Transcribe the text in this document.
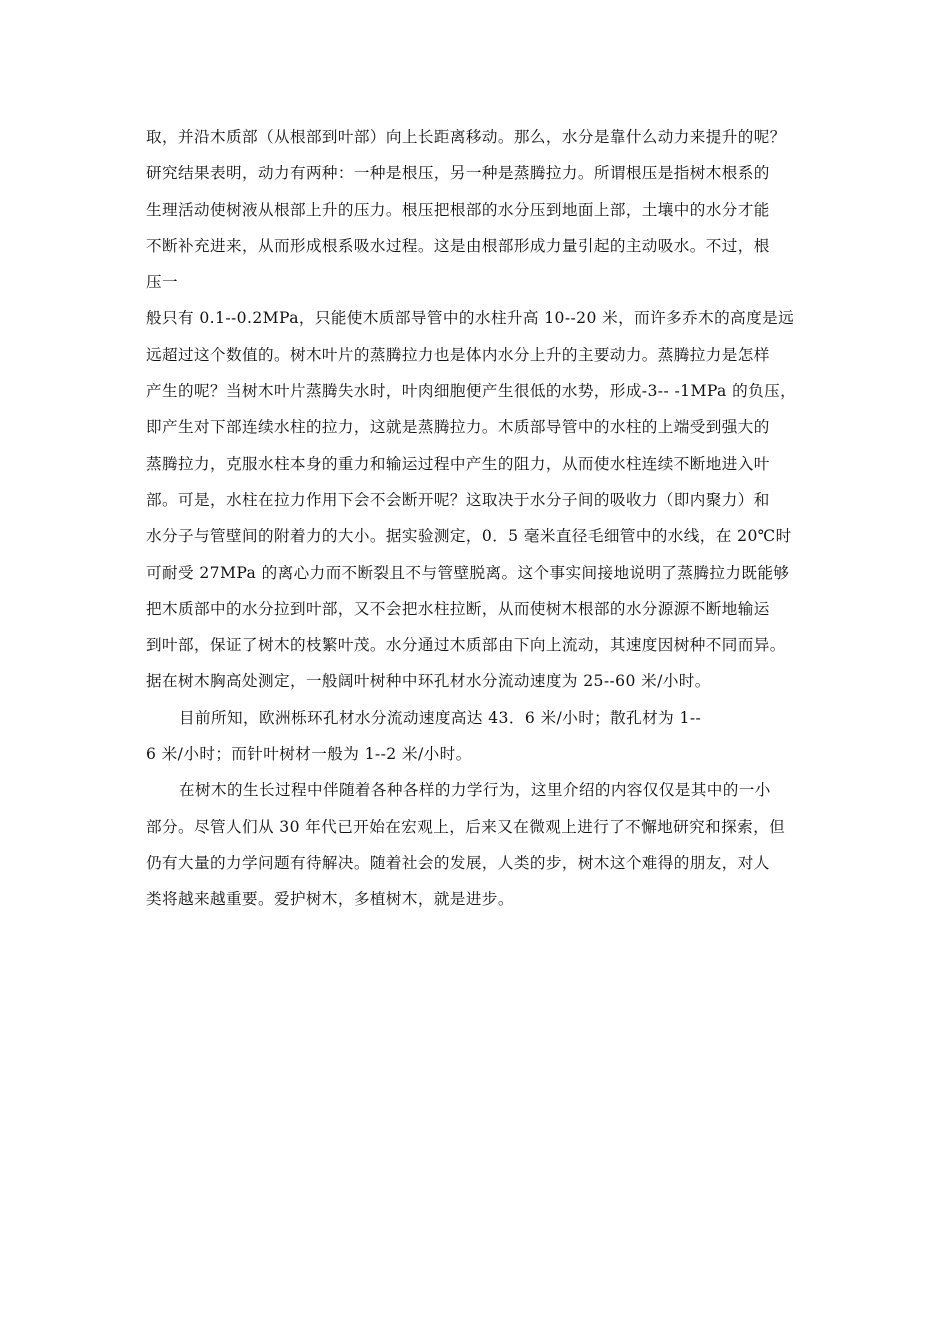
取，并沿木质部（从根部到叶部）向上长距离移动。那么，水分是靠什么动力来提升的呢？
研究结果表明，动力有两种：一种是根压，另一种是蒸腾拉力。所谓根压是指树木根系的
生理活动使树液从根部上升的压力。根压把根部的水分压到地面上部，土壤中的水分才能
不断补充进来，从而形成根系吸水过程。这是由根部形成力量引起的主动吸水。不过，根
压一
般只有 0.1--0.2MPa，只能使木质部导管中的水柱升高 10--20 米，而许多乔木的高度是远
远超过这个数值的。树木叶片的蒸腾拉力也是体内水分上升的主要动力。蒸腾拉力是怎样
产生的呢？当树木叶片蒸腾失水时，叶肉细胞便产生很低的水势，形成-3-- -1MPa 的负压，
即产生对下部连续水柱的拉力，这就是蒸腾拉力。木质部导管中的水柱的上端受到强大的
蒸腾拉力，克服水柱本身的重力和输运过程中产生的阻力，从而使水柱连续不断地进入叶
部。可是，水柱在拉力作用下会不会断开呢？这取决于水分子间的吸收力（即内聚力）和
水分子与管壁间的附着力的大小。据实验测定，0．5 毫米直径毛细管中的水线，在 20℃时
可耐受 27MPa 的离心力而不断裂且不与管壁脱离。这个事实间接地说明了蒸腾拉力既能够
把木质部中的水分拉到叶部，又不会把水柱拉断，从而使树木根部的水分源源不断地输运
到叶部，保证了树木的枝繁叶茂。水分通过木质部由下向上流动，其速度因树种不同而异。
据在树木胸高处测定，一般阔叶树种中环孔材水分流动速度为 25--60 米/小时。
目前所知，欧洲栎环孔材水分流动速度高达 43．6 米/小时；散孔材为 1--
6 米/小时；而针叶树材一般为 1--2 米/小时。
在树木的生长过程中伴随着各种各样的力学行为，这里介绍的内容仅仅是其中的一小
部分。尽管人们从 30 年代已开始在宏观上，后来又在微观上进行了不懈地研究和探索，但
仍有大量的力学问题有待解决。随着社会的发展，人类的步，树木这个难得的朋友，对人
类将越来越重要。爱护树木，多植树木，就是进步。
